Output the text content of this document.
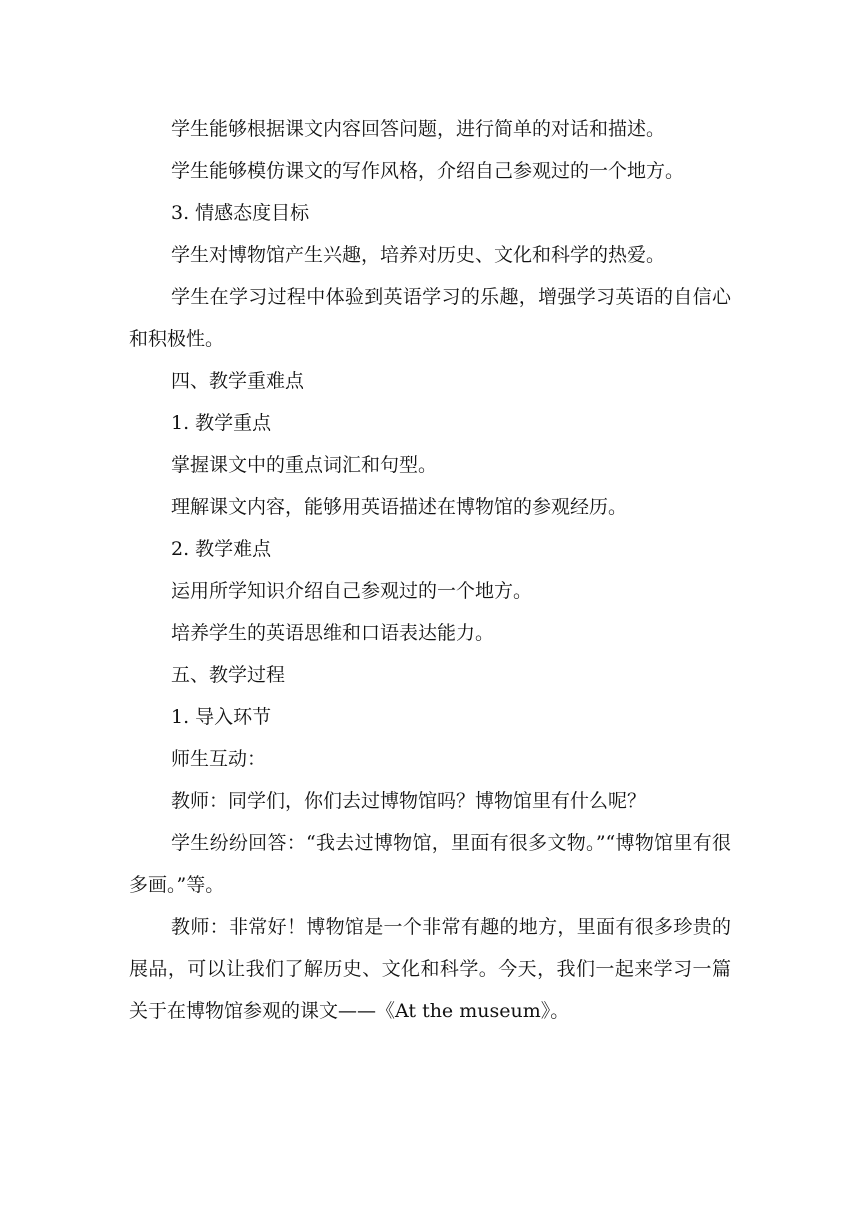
学生能够根据课文内容回答问题，进行简单的对话和描述。

学生能够模仿课文的写作风格，介绍自己参观过的一个地方。

3. 情感态度目标

学生对博物馆产生兴趣，培养对历史、文化和科学的热爱。

学生在学习过程中体验到英语学习的乐趣，增强学习英语的自信心和积极性。

四、教学重难点

1. 教学重点

掌握课文中的重点词汇和句型。

理解课文内容，能够用英语描述在博物馆的参观经历。

2. 教学难点

运用所学知识介绍自己参观过的一个地方。

培养学生的英语思维和口语表达能力。

五、教学过程

1. 导入环节

师生互动：

教师：同学们，你们去过博物馆吗？博物馆里有什么呢？

学生纷纷回答：“我去过博物馆，里面有很多文物。”“博物馆里有很多画。”等。

教师：非常好！博物馆是一个非常有趣的地方，里面有很多珍贵的展品，可以让我们了解历史、文化和科学。今天，我们一起来学习一篇关于在博物馆参观的课文——《At the museum》。
